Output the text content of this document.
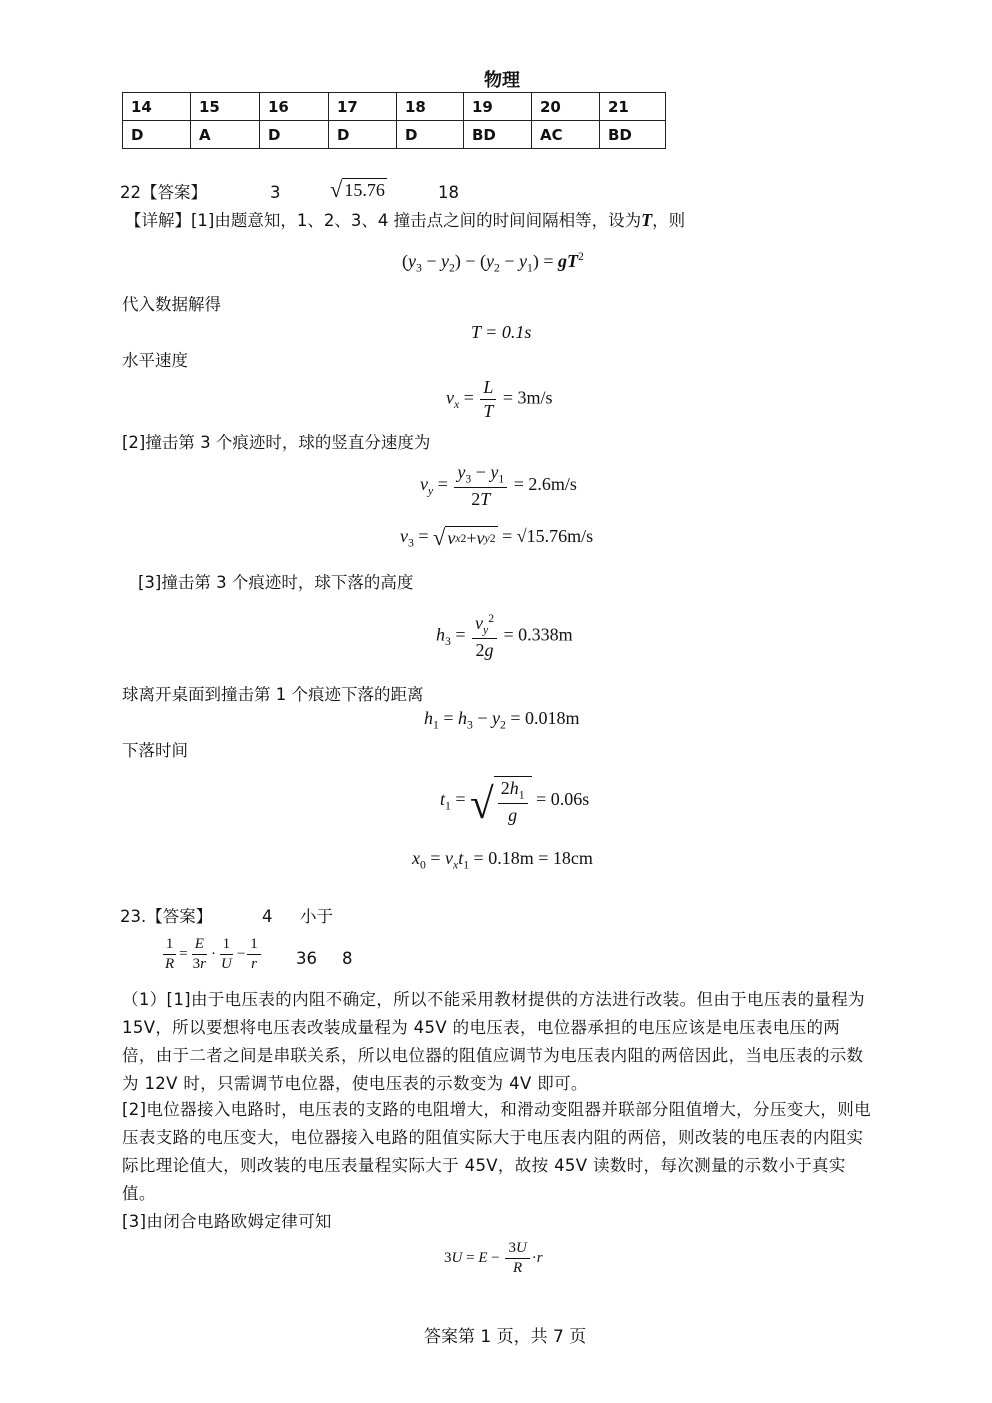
物理
14	15	16	17	18	19	20	21
D	A	D	D	D	BD	AC	BD
22【答案】	3 √ 15.76	18
【详解】[1]由题意知，1、2、3、4 撞击点之间的时间间隔相等，设为T，则
$(y_3 - y_2) - (y_2 - y_1) = gT^2$
代入数据解得
T = 0.1s
水平速度
$v_x = \frac{L}{T} = 3m/s$
[2]撞击第 3 个痕迹时，球的竖直分速度为
$v_y = \frac{y_3 - y_1}{2T} = 2.6m/s$
$v_3$ = √ v x 2 + v y 2 = √15.76m/s
[3]撞击第 3 个痕迹时，球下落的高度
$h_3 = \frac{v_y^2}{2g} = 0.338m$
球离开桌面到撞击第 1 个痕迹下落的距离
$h_1 = h_3 - y_2 = 0.018m$
下落时间
$t_1$ = √ $\frac{2h_1}{g} = 0.06s$
$x_0 = v_xt_1 = 0.18m = 18cm$
23.【答案】	4 小于
$\frac{1}{R} = \frac{E}{3r} \cdot \frac{1}{U} - \frac{1}{r} 36$ 8
（1）[1]由于电压表的内阻不确定，所以不能采用教材提供的方法进行改装。但由于电压表的量程为 15V，所以要想将电压表改装成量程为 45V 的电压表，电位器承担的电压应该是电压表电压的两倍，由于二者之间是串联关系，所以电位器的阻值应调节为电压表内阻的两倍因此，当电压表的示数为 12V 时，只需调节电位器，使电压表的示数变为 4V 即可。
[2]电位器接入电路时，电压表的支路的电阻增大，和滑动变阻器并联部分阻值增大，分压变大，则电压表支路的电压变大，电位器接入电路的阻值实际大于电压表内阻的两倍，则改装的电压表的内阻实际比理论值大，则改装的电压表量程实际大于 45V，故按 45V 读数时，每次测量的示数小于真实值。
[3]由闭合电路欧姆定律可知
$3U = E - \frac{3U}{R} \cdot r$
答案第 1 页，共 7 页
